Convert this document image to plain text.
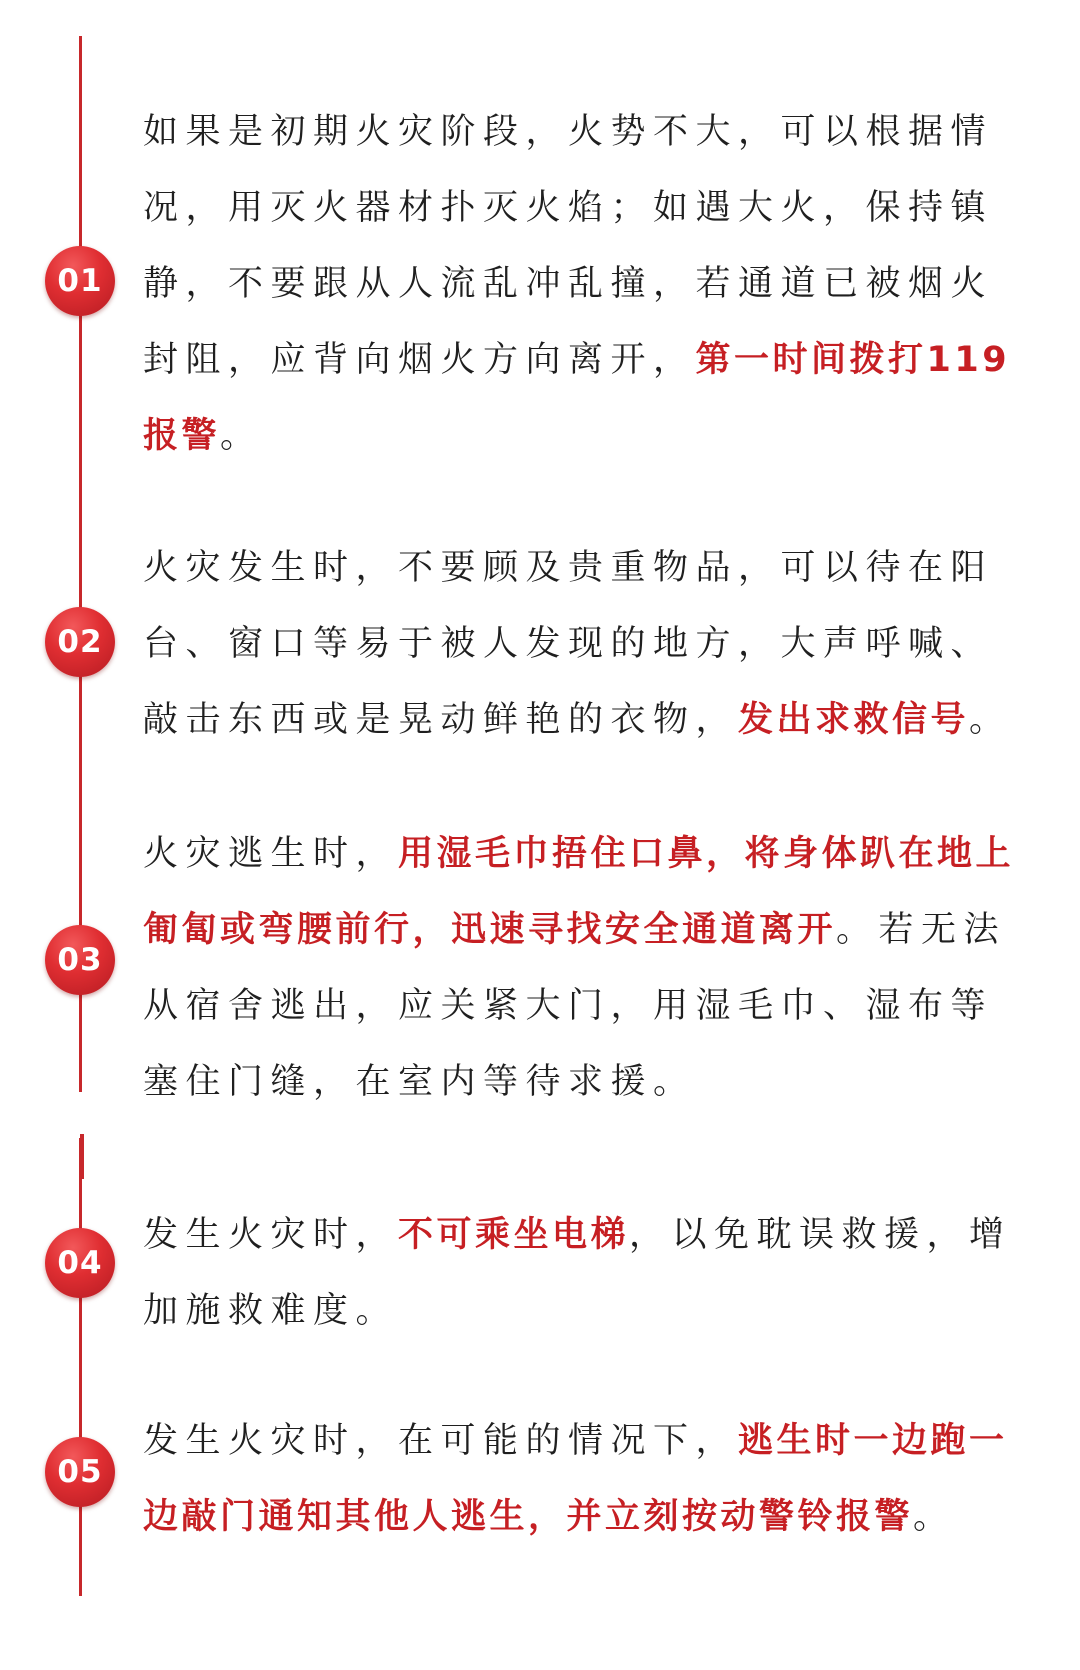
01

如果是初期火灾阶段，火势不大，可以根据情况，用灭火器材扑灭火焰；如遇大火，保持镇静，不要跟从人流乱冲乱撞，若通道已被烟火封阻，应背向烟火方向离开，第一时间拨打119报警。

02

火灾发生时，不要顾及贵重物品，可以待在阳台、窗口等易于被人发现的地方，大声呼喊、敲击东西或是晃动鲜艳的衣物，发出求救信号。

03

火灾逃生时，用湿毛巾捂住口鼻，将身体趴在地上匍匐或弯腰前行，迅速寻找安全通道离开。若无法从宿舍逃出，应关紧大门，用湿毛巾、湿布等塞住门缝，在室内等待求援。

04

发生火灾时，不可乘坐电梯，以免耽误救援，增加施救难度。

05

发生火灾时，在可能的情况下，逃生时一边跑一边敲门通知其他人逃生，并立刻按动警铃报警。
